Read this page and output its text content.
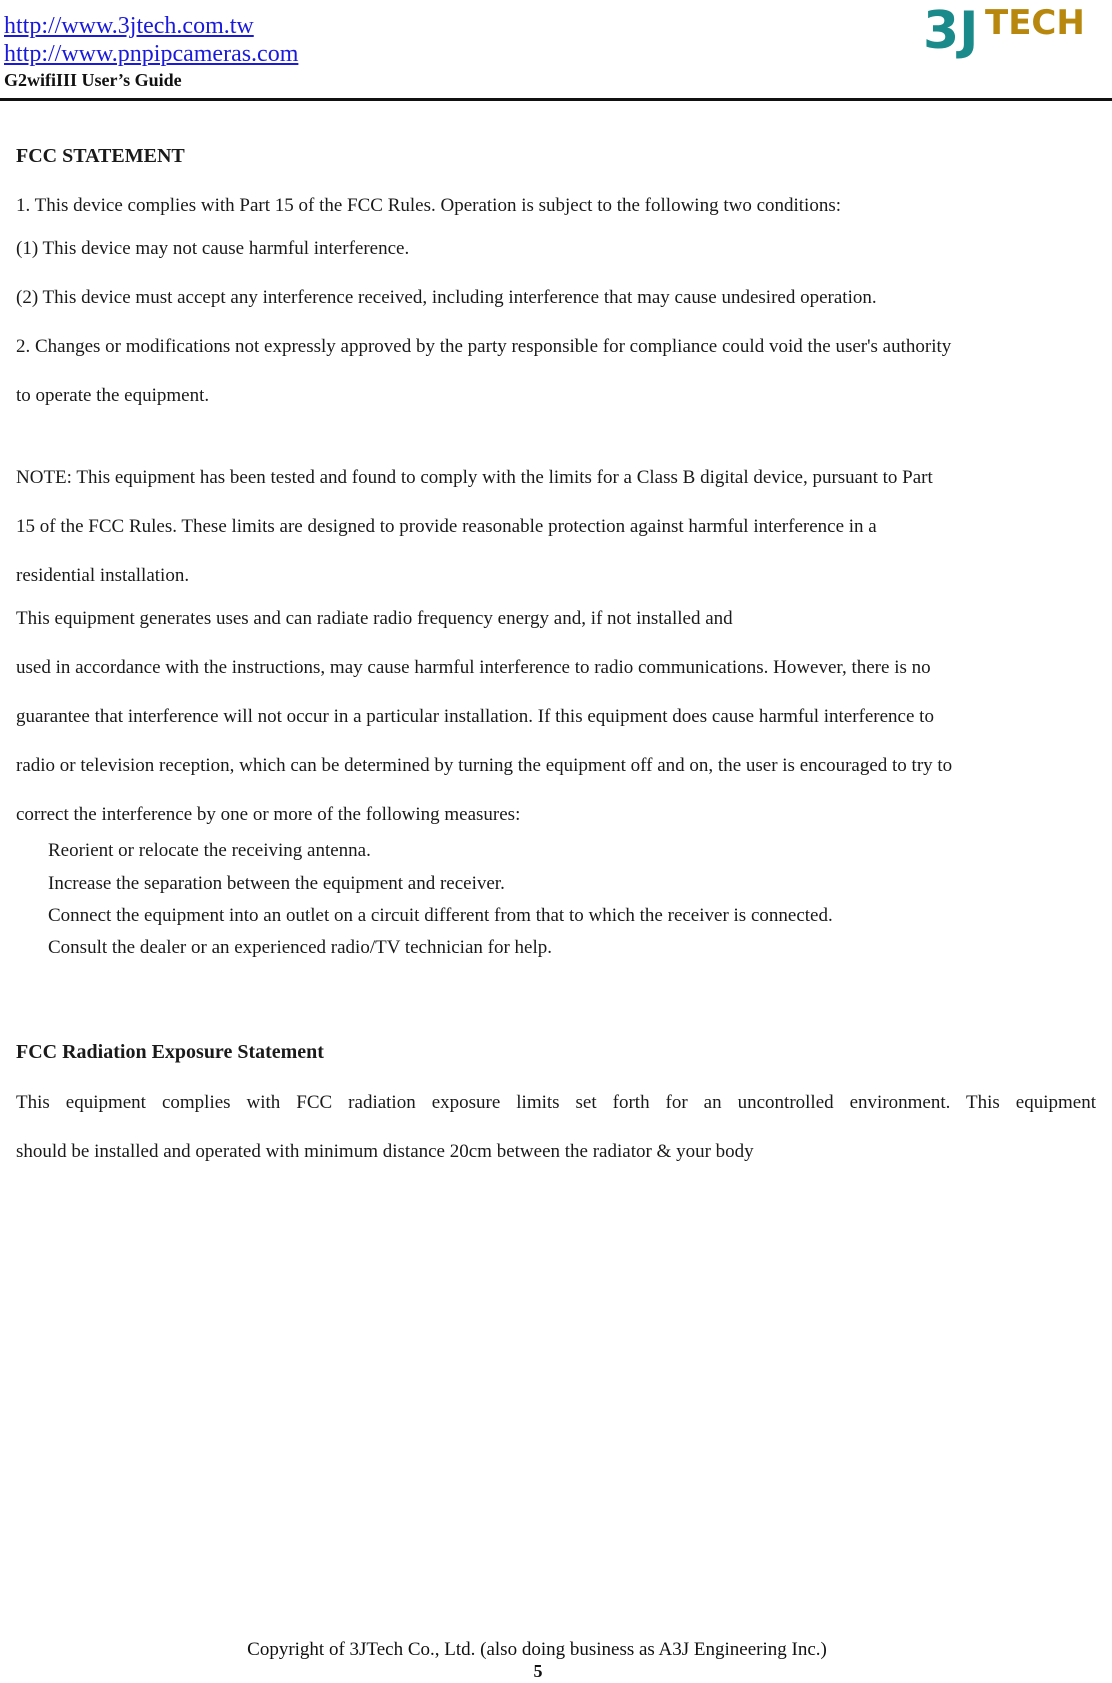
http://www.3jtech.com.tw
http://www.pnpipcameras.com
G2wifiIII User’s Guide
3J TECH
FCC STATEMENT
1. This device complies with Part 15 of the FCC Rules. Operation is subject to the following two conditions:
(1) This device may not cause harmful interference.
(2) This device must accept any interference received, including interference that may cause undesired operation.
2. Changes or modifications not expressly approved by the party responsible for compliance could void the user's authority
to operate the equipment.
NOTE: This equipment has been tested and found to comply with the limits for a Class B digital device, pursuant to Part
15 of the FCC Rules. These limits are designed to provide reasonable protection against harmful interference in a
residential installation.
This equipment generates uses and can radiate radio frequency energy and, if not installed and
used in accordance with the instructions, may cause harmful interference to radio communications. However, there is no
guarantee that interference will not occur in a particular installation. If this equipment does cause harmful interference to
radio or television reception, which can be determined by turning the equipment off and on, the user is encouraged to try to
correct the interference by one or more of the following measures:
Reorient or relocate the receiving antenna.
Increase the separation between the equipment and receiver.
Connect the equipment into an outlet on a circuit different from that to which the receiver is connected.
Consult the dealer or an experienced radio/TV technician for help.
FCC Radiation Exposure Statement
This equipment complies with FCC radiation exposure limits set forth for an uncontrolled environment. This equipment
should be installed and operated with minimum distance 20cm between the radiator & your body
Copyright of 3JTech Co., Ltd. (also doing business as A3J Engineering Inc.)
5
